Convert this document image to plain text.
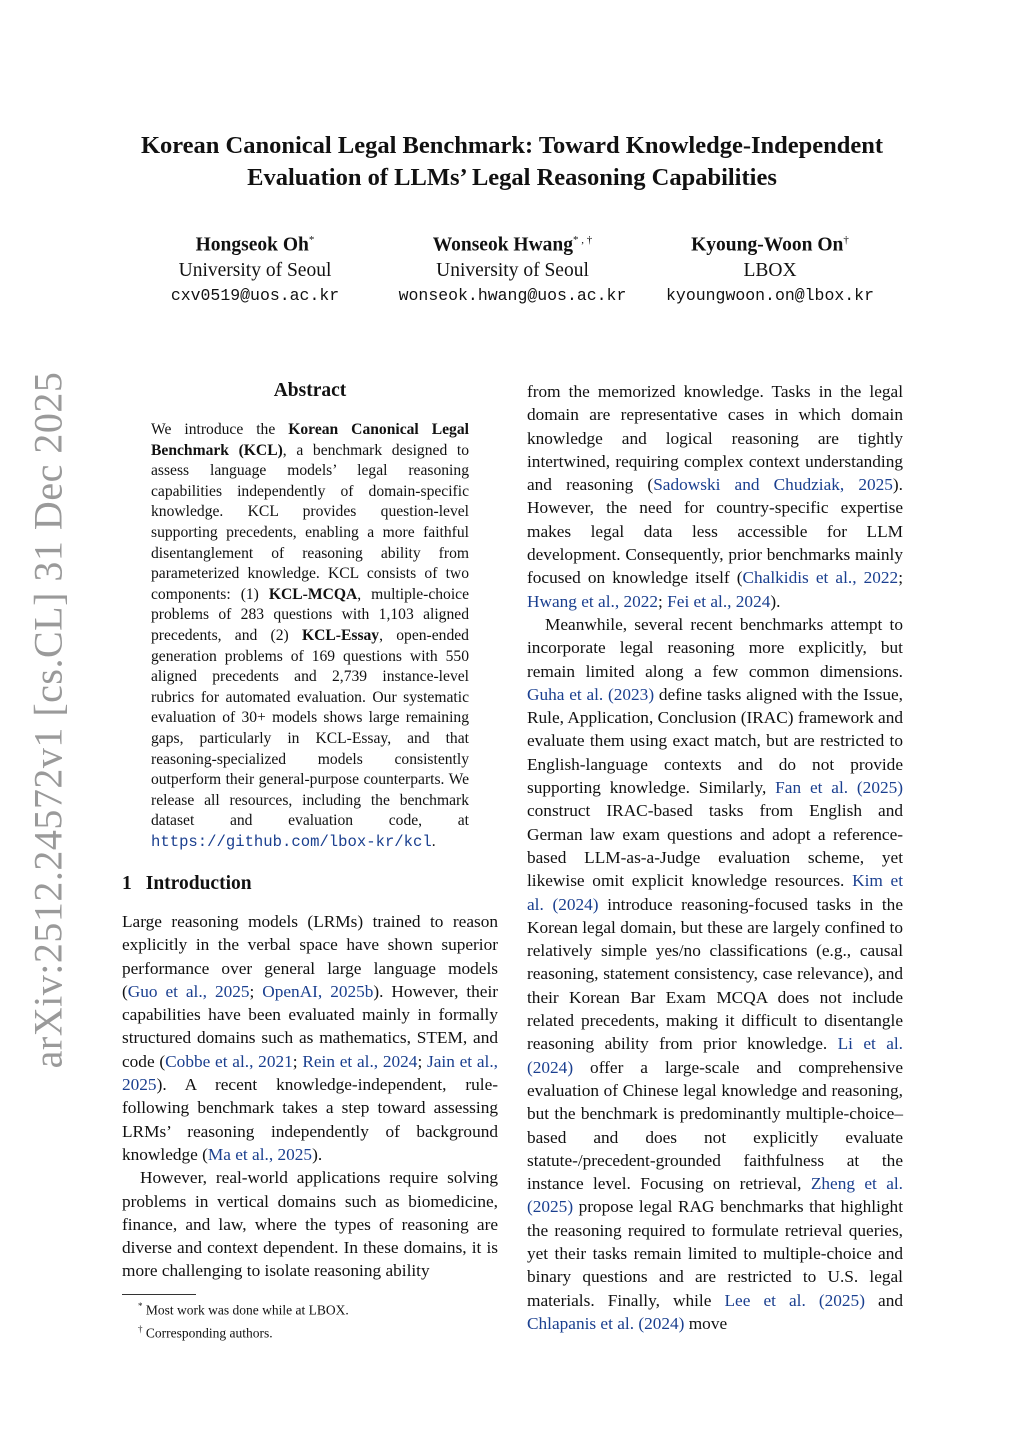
arXiv:2512.24572v1 [cs.CL] 31 Dec 2025
Korean Canonical Legal Benchmark: Toward Knowledge-Independent
Evaluation of LLMs’ Legal Reasoning Capabilities
Hongseok Oh*
University of Seoul
cxv0519@uos.ac.kr
Wonseok Hwang* , †
University of Seoul
wonseok.hwang@uos.ac.kr
Kyoung-Woon On†
LBOX
kyoungwoon.on@lbox.kr
Abstract
We introduce the Korean Canonical Legal Benchmark (KCL), a benchmark designed to assess language models’ legal reasoning capabilities independently of domain-specific knowledge. KCL provides question-level supporting precedents, enabling a more faithful disentanglement of reasoning ability from parameterized knowledge. KCL consists of two components: (1) KCL-MCQA, multiple-choice problems of 283 questions with 1,103 aligned precedents, and (2) KCL-Essay, open-ended generation problems of 169 questions with 550 aligned precedents and 2,739 instance-level rubrics for automated evaluation. Our systematic evaluation of 30+ models shows large remaining gaps, particularly in KCL-Essay, and that reasoning-specialized models consistently outperform their general-purpose counterparts. We release all resources, including the benchmark dataset and evaluation code, at https://github.com/lbox-kr/kcl.
1 Introduction

Large reasoning models (LRMs) trained to reason explicitly in the verbal space have shown superior performance over general large language models (Guo et al., 2025; OpenAI, 2025b). However, their capabilities have been evaluated mainly in formally structured domains such as mathematics, STEM, and code (Cobbe et al., 2021; Rein et al., 2024; Jain et al., 2025). A recent knowledge-independent, rule-following benchmark takes a step toward assessing LRMs’ reasoning independently of background knowledge (Ma et al., 2025).

However, real-world applications require solving problems in vertical domains such as biomedicine, finance, and law, where the types of reasoning are diverse and context dependent. In these domains, it is more challenging to isolate reasoning ability

* Most work was done while at LBOX.
† Corresponding authors.

from the memorized knowledge. Tasks in the legal domain are representative cases in which domain knowledge and logical reasoning are tightly intertwined, requiring complex context understanding and reasoning (Sadowski and Chudziak, 2025). However, the need for country-specific expertise makes legal data less accessible for LLM development. Consequently, prior benchmarks mainly focused on knowledge itself (Chalkidis et al., 2022; Hwang et al., 2022; Fei et al., 2024).

Meanwhile, several recent benchmarks attempt to incorporate legal reasoning more explicitly, but remain limited along a few common dimensions. Guha et al. (2023) define tasks aligned with the Issue, Rule, Application, Conclusion (IRAC) framework and evaluate them using exact match, but are restricted to English-language contexts and do not provide supporting knowledge. Similarly, Fan et al. (2025) construct IRAC-based tasks from English and German law exam questions and adopt a reference-based LLM-as-a-Judge evaluation scheme, yet likewise omit explicit knowledge resources. Kim et al. (2024) introduce reasoning-focused tasks in the Korean legal domain, but these are largely confined to relatively simple yes/no classifications (e.g., causal reasoning, statement consistency, case relevance), and their Korean Bar Exam MCQA does not include related precedents, making it difficult to disentangle reasoning ability from prior knowledge. Li et al. (2024) offer a large-scale and comprehensive evaluation of Chinese legal knowledge and reasoning, but the benchmark is predominantly multiple-choice–based and does not explicitly evaluate statute-/precedent-grounded faithfulness at the instance level. Focusing on retrieval, Zheng et al. (2025) propose legal RAG benchmarks that highlight the reasoning required to formulate retrieval queries, yet their tasks remain limited to multiple-choice and binary questions and are restricted to U.S. legal materials. Finally, while Lee et al. (2025) and Chlapanis et al. (2024) move
